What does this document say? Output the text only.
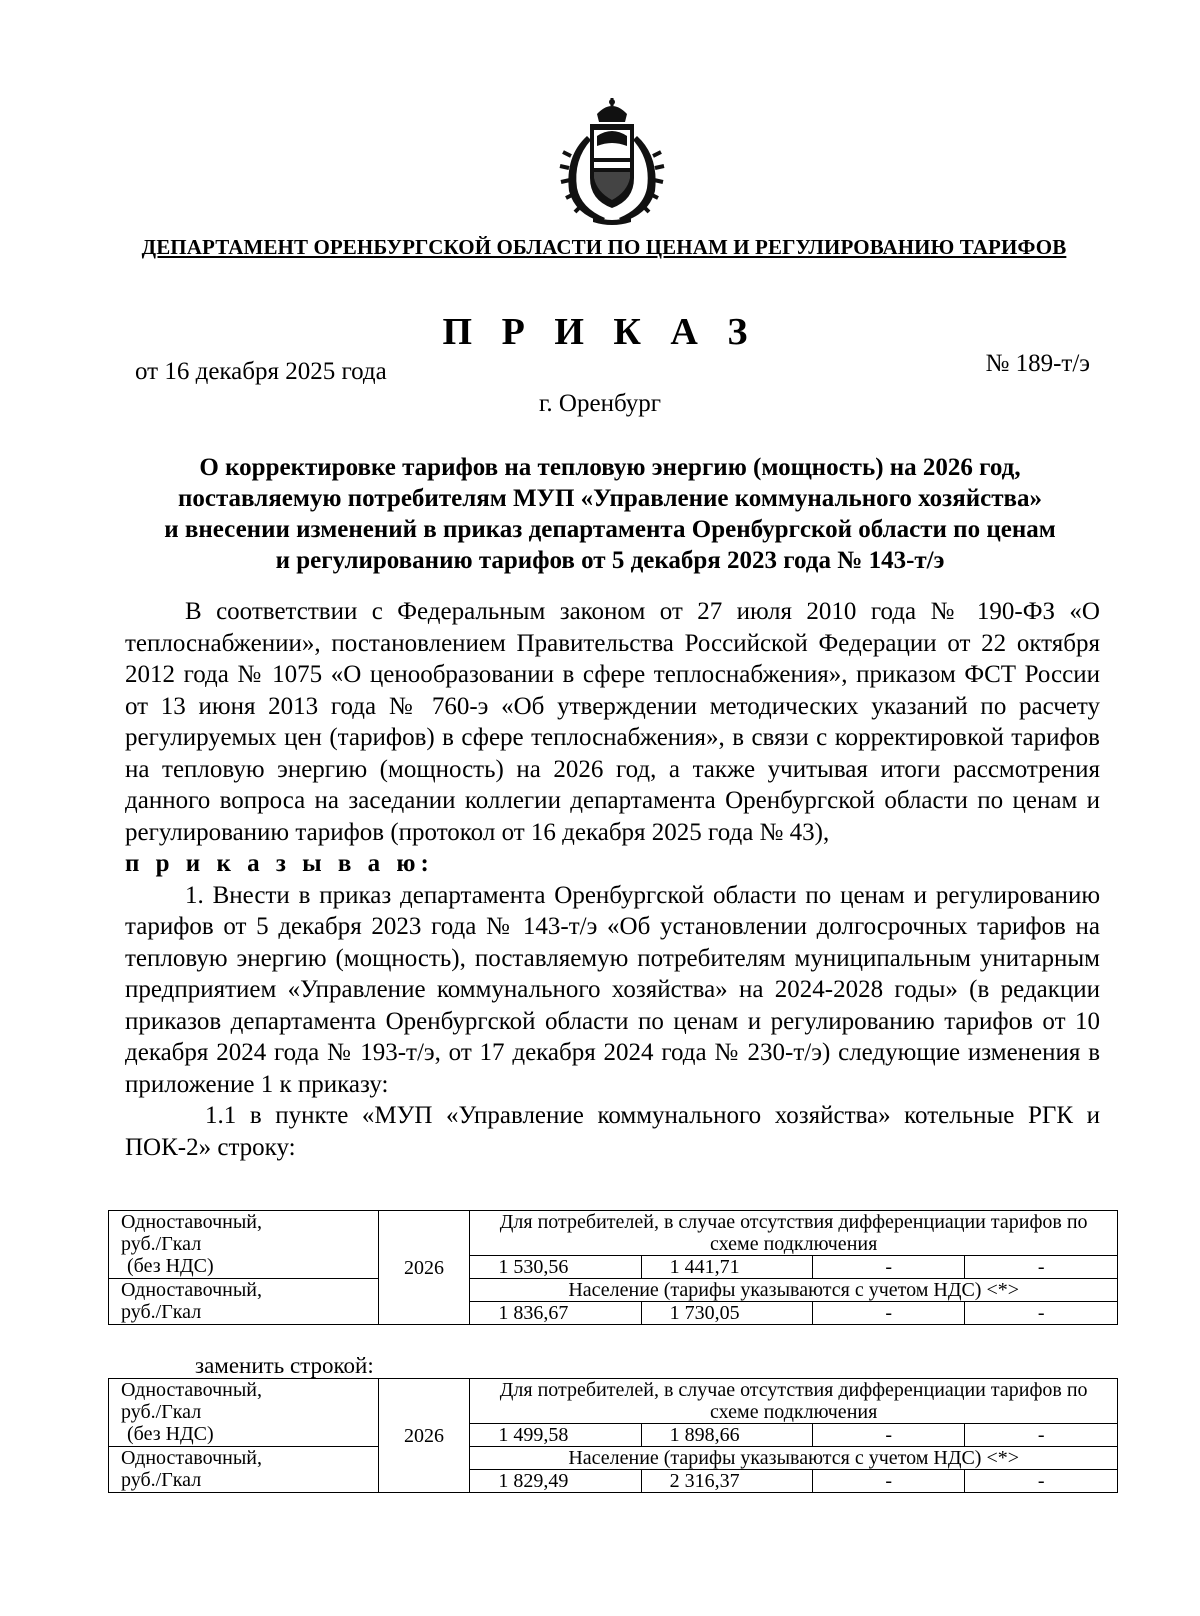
ДЕПАРТАМЕНТ ОРЕНБУРГСКОЙ ОБЛАСТИ ПО ЦЕНАМ И РЕГУЛИРОВАНИЮ ТАРИФОВ
П Р И К А З
от 16 декабря 2025 года	№ 189-т/э
г. Оренбург
О корректировке тарифов на тепловую энергию (мощность) на 2026 год,
поставляемую потребителям МУП «Управление коммунального хозяйства»
и внесении изменений в приказ департамента Оренбургской области по ценам
и регулированию тарифов от 5 декабря 2023 года № 143-т/э

В соответствии с Федеральным законом от 27 июля 2010 года № 190-ФЗ «О теплоснабжении», постановлением Правительства Российской Федерации от 22 октября 2012 года № 1075 «О ценообразовании в сфере теплоснабжения», приказом ФСТ России от 13 июня 2013 года № 760-э «Об утверждении методических указаний по расчету регулируемых цен (тарифов) в сфере теплоснабжения», в связи с корректировкой тарифов на тепловую энергию (мощность) на 2026 год, а также учитывая итоги рассмотрения данного вопроса на заседании коллегии департамента Оренбургской области по ценам и регулированию тарифов (протокол от 16 декабря 2025 года № 43),

п р и к а з ы в а ю:

1. Внести в приказ департамента Оренбургской области по ценам и регулированию тарифов от 5 декабря 2023 года № 143-т/э «Об установлении долгосрочных тарифов на тепловую энергию (мощность), поставляемую потребителям муниципальным унитарным предприятием «Управление коммунального хозяйства» на 2024-2028 годы» (в редакции приказов департамента Оренбургской области по ценам и регулированию тарифов от 10 декабря 2024 года № 193-т/э, от 17 декабря 2024 года № 230-т/э) следующие изменения в приложение 1 к приказу:

1.1 в пункте «МУП «Управление коммунального хозяйства» котельные РГК и ПОК-2» строку:

Одноставочный,
руб./Гкал
(без НДС)	2026	Для потребителей, в случае отсутствия дифференциации тарифов по схеме подключения			
		1 530,56	1 441,71	-	-

Одноставочный,
руб./Гкал		Население (тарифы указываются с учетом НДС) <*>			
		1 836,67	1 730,05	-	-
заменить строкой:
Одноставочный,
руб./Гкал
(без НДС)	2026	Для потребителей, в случае отсутствия дифференциации тарифов по схеме подключения			
		1 499,58	1 898,66	-	-

Одноставочный,
руб./Гкал		Население (тарифы указываются с учетом НДС) <*>			
		1 829,49	2 316,37	-	-
